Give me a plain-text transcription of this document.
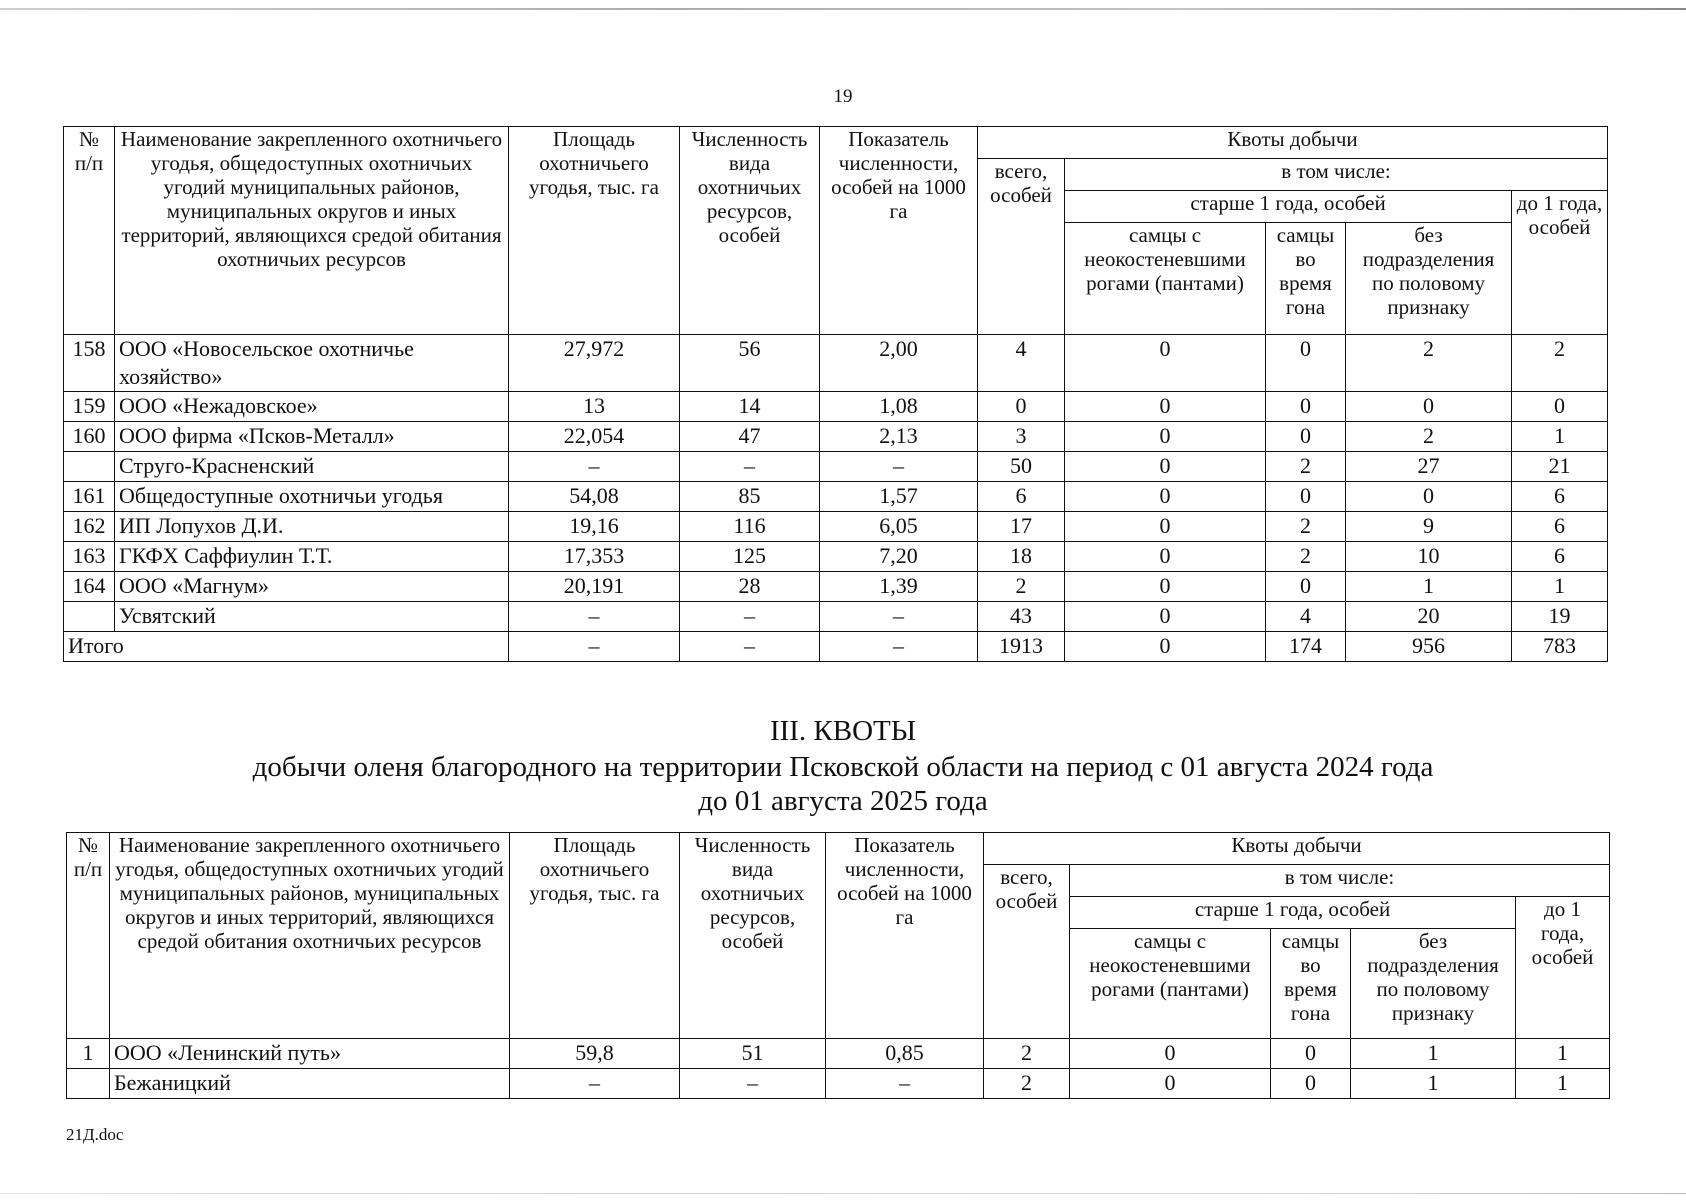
19
№ п/п	Наименование закрепленного охотничьего угодья, общедоступных охотничьих угодий муниципальных районов, муниципальных округов и иных территорий, являющихся средой обитания охотничьих ресурсов	Площадь охотничьего угодья, тыс. га	Численность вида охотничьих ресурсов, особей	Показатель численности, особей на 1000 га	Квоты добычи				
					всего, особей	в том числе:			
						старше 1 года, особей			до 1 года, особей
						самцы с неокостеневшими рогами (пантами)	самцы во время гона	без подразделения по половому признаку	
158	ООО «Новосельское охотничье хозяйство»	27,972	56	2,00	4	0	0	2	2
159	ООО «Нежадовское»	13	14	1,08	0	0	0	0	0
160	ООО фирма «Псков-Металл»	22,054	47	2,13	3	0	0	2	1
	Струго-Красненский	–	–	–	50	0	2	27	21
161	Общедоступные охотничьи угодья	54,08	85	1,57	6	0	0	0	6
162	ИП Лопухов Д.И.	19,16	116	6,05	17	0	2	9	6
163	ГКФХ Саффиулин Т.Т.	17,353	125	7,20	18	0	2	10	6
164	ООО «Магнум»	20,191	28	1,39	2	0	0	1	1
	Усвятский	–	–	–	43	0	4	20	19
Итого		–	–	–	1913	0	174	956	783
III. КВОТЫ
добычи оленя благородного на территории Псковской области на период с 01 августа 2024 года
до 01 августа 2025 года
№ п/п	Наименование закрепленного охотничьего угодья, общедоступных охотничьих угодий муниципальных районов, муниципальных округов и иных территорий, являющихся средой обитания охотничьих ресурсов	Площадь охотничьего угодья, тыс. га	Численность вида охотничьих ресурсов, особей	Показатель численности, особей на 1000 га	Квоты добычи				
					всего, особей	в том числе:			
						старше 1 года, особей			до 1 года, особей
						самцы с неокостеневшими рогами (пантами)	самцы во время гона	без подразделения по половому признаку	
1	ООО «Ленинский путь»	59,8	51	0,85	2	0	0	1	1
	Бежаницкий	–	–	–	2	0	0	1	1
21Д.doc
